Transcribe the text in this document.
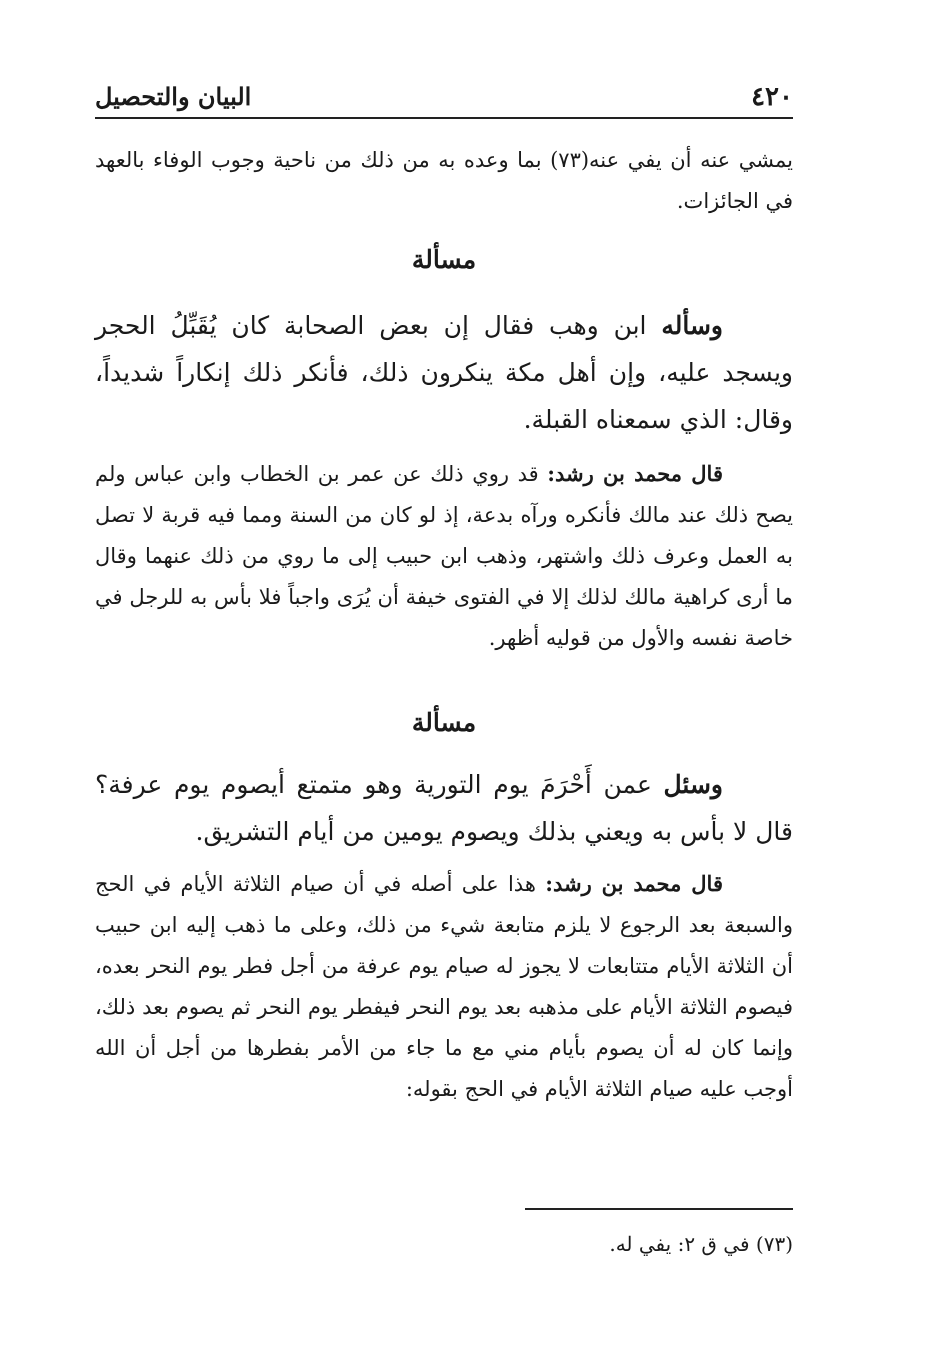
٤٢٠
البيان والتحصيل

يمشي عنه أن يفي عنه(٧٣) بما وعده به من ذلك من ناحية وجوب الوفاء بالعهد في الجائزات.

مسألة

وسأله ابن وهب فقال إن بعض الصحابة كان يُقَبِّلُ الحجر ويسجد عليه، وإن أهل مكة ينكرون ذلك، فأنكر ذلك إنكاراً شديداً، وقال: الذي سمعناه القبلة.

قال محمد بن رشد: قد روي ذلك عن عمر بن الخطاب وابن عباس ولم يصح ذلك عند مالك فأنكره ورآه بدعة، إذ لو كان من السنة ومما فيه قربة لا تصل به العمل وعرف ذلك واشتهر، وذهب ابن حبيب إلى ما روي من ذلك عنهما وقال ما أرى كراهية مالك لذلك إلا في الفتوى خيفة أن يُرَى واجباً فلا بأس به للرجل في خاصة نفسه والأول من قوليه أظهر.

مسألة

وسئل عمن أَحْرَمَ يوم التورية وهو متمتع أيصوم يوم عرفة؟ قال لا بأس به ويعني بذلك ويصوم يومين من أيام التشريق.

قال محمد بن رشد: هذا على أصله في أن صيام الثلاثة الأيام في الحج والسبعة بعد الرجوع لا يلزم متابعة شيء من ذلك، وعلى ما ذهب إليه ابن حبيب أن الثلاثة الأيام متتابعات لا يجوز له صيام يوم عرفة من أجل فطر يوم النحر بعده، فيصوم الثلاثة الأيام على مذهبه بعد يوم النحر فيفطر يوم النحر ثم يصوم بعد ذلك، وإنما كان له أن يصوم بأيام مني مع ما جاء من الأمر بفطرها من أجل أن الله أوجب عليه صيام الثلاثة الأيام في الحج بقوله:

(٧٣) في ق ٢: يفي له.
